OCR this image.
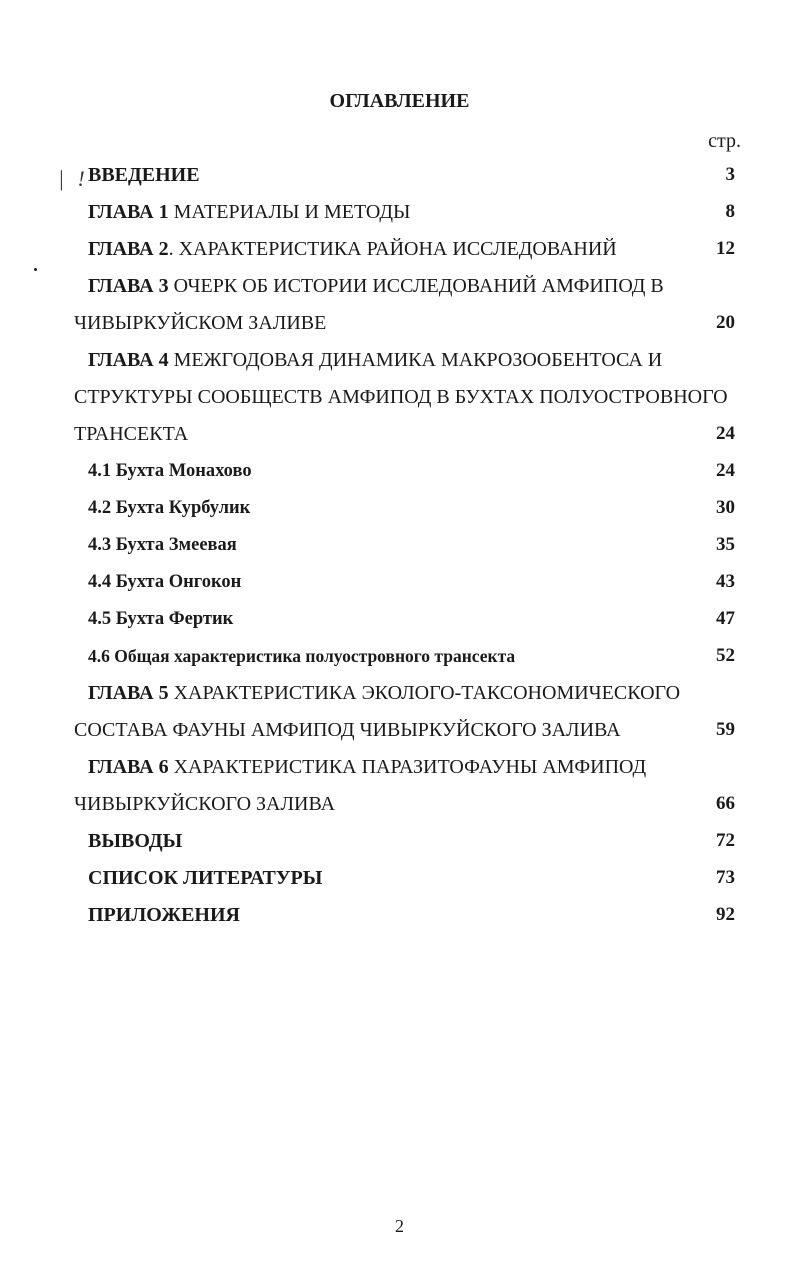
ОГЛАВЛЕНИЕ
стр.
| ! ВВЕДЕНИЕ	3
ГЛАВА 1 МАТЕРИАЛЫ И МЕТОДЫ	8
ГЛАВА 2. ХАРАКТЕРИСТИКА РАЙОНА ИССЛЕДОВАНИЙ	12
ГЛАВА 3 ОЧЕРК ОБ ИСТОРИИ ИССЛЕДОВАНИЙ АМФИПОД В
ЧИВЫРКУЙСКОМ ЗАЛИВЕ	20
ГЛАВА 4 МЕЖГОДОВАЯ ДИНАМИКА МАКРОЗООБЕНТОСА И
СТРУКТУРЫ СООБЩЕСТВ АМФИПОД В БУХТАХ ПОЛУОСТРОВНОГО
ТРАНСЕКТА	24
4.1 Бухта Монахово	24
4.2 Бухта Курбулик	30
4.3 Бухта Змеевая	35
4.4 Бухта Онгокон	43
4.5 Бухта Фертик	47
4.6 Общая характеристика полуостровного трансекта	52
ГЛАВА 5 ХАРАКТЕРИСТИКА ЭКОЛОГО-ТАКСОНОМИЧЕСКОГО
СОСТАВА ФАУНЫ АМФИПОД ЧИВЫРКУЙСКОГО ЗАЛИВА	59
ГЛАВА 6 ХАРАКТЕРИСТИКА ПАРАЗИТОФАУНЫ АМФИПОД
ЧИВЫРКУЙСКОГО ЗАЛИВА	66
ВЫВОДЫ	72
СПИСОК ЛИТЕРАТУРЫ	73
ПРИЛОЖЕНИЯ	92
2
